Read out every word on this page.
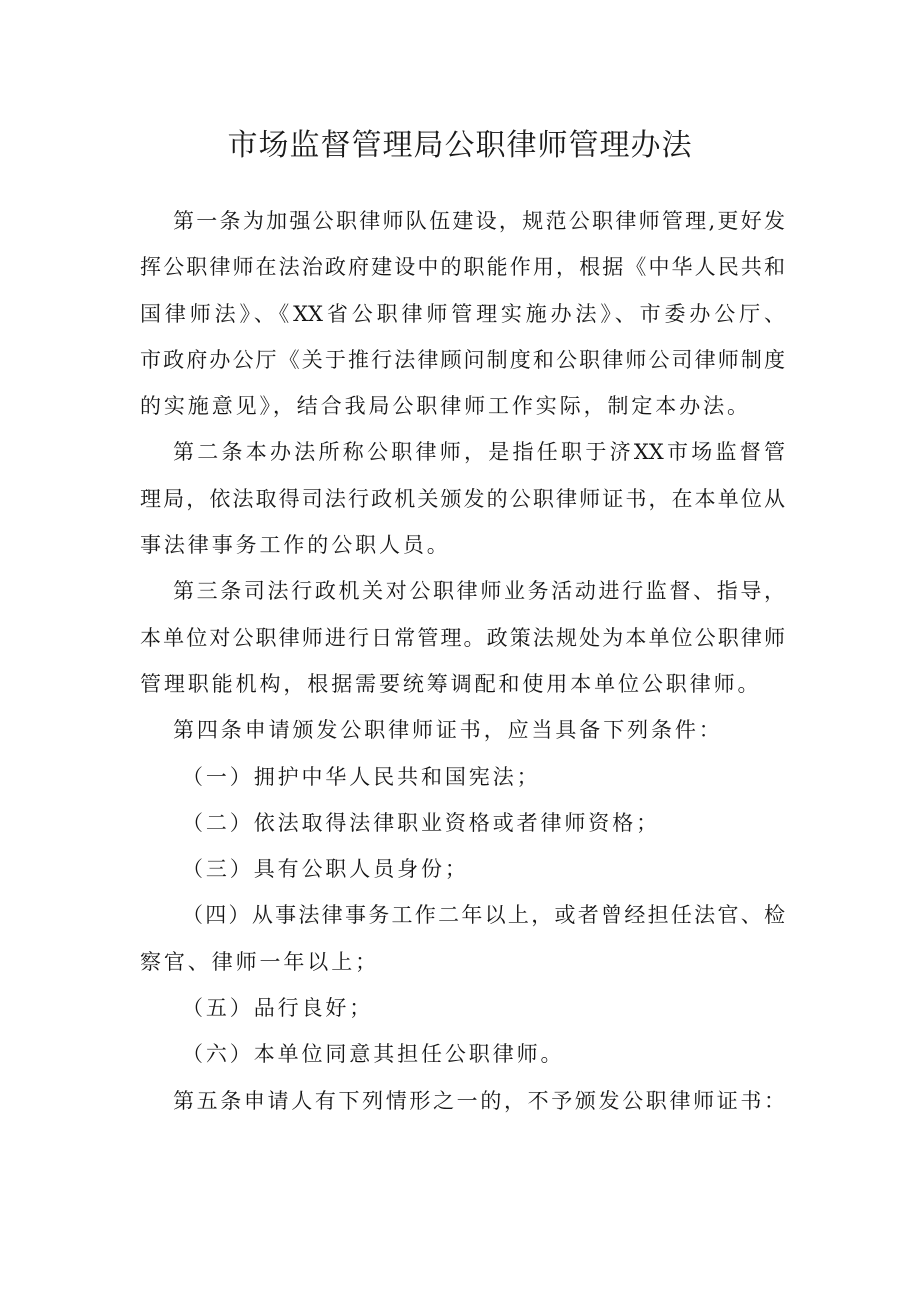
市场监督管理局公职律师管理办法
第一条为加强公职律师队伍建设，规范公职律师管理,更好发
挥公职律师在法治政府建设中的职能作用，根据《中华人民共和
国律师法》、《XX省公职律师管理实施办法》、市委办公厅、
市政府办公厅《关于推行法律顾问制度和公职律师公司律师制度
的实施意见》，结合我局公职律师工作实际，制定本办法。
第二条本办法所称公职律师，是指任职于济XX市场监督管
理局，依法取得司法行政机关颁发的公职律师证书，在本单位从
事法律事务工作的公职人员。
第三条司法行政机关对公职律师业务活动进行监督、指导，
本单位对公职律师进行日常管理。政策法规处为本单位公职律师
管理职能机构，根据需要统筹调配和使用本单位公职律师。
第四条申请颁发公职律师证书，应当具备下列条件：
（一）拥护中华人民共和国宪法；
（二）依法取得法律职业资格或者律师资格；
（三）具有公职人员身份；
（四）从事法律事务工作二年以上，或者曾经担任法官、检
察官、律师一年以上；
（五）品行良好；
（六）本单位同意其担任公职律师。
第五条申请人有下列情形之一的，不予颁发公职律师证书：
